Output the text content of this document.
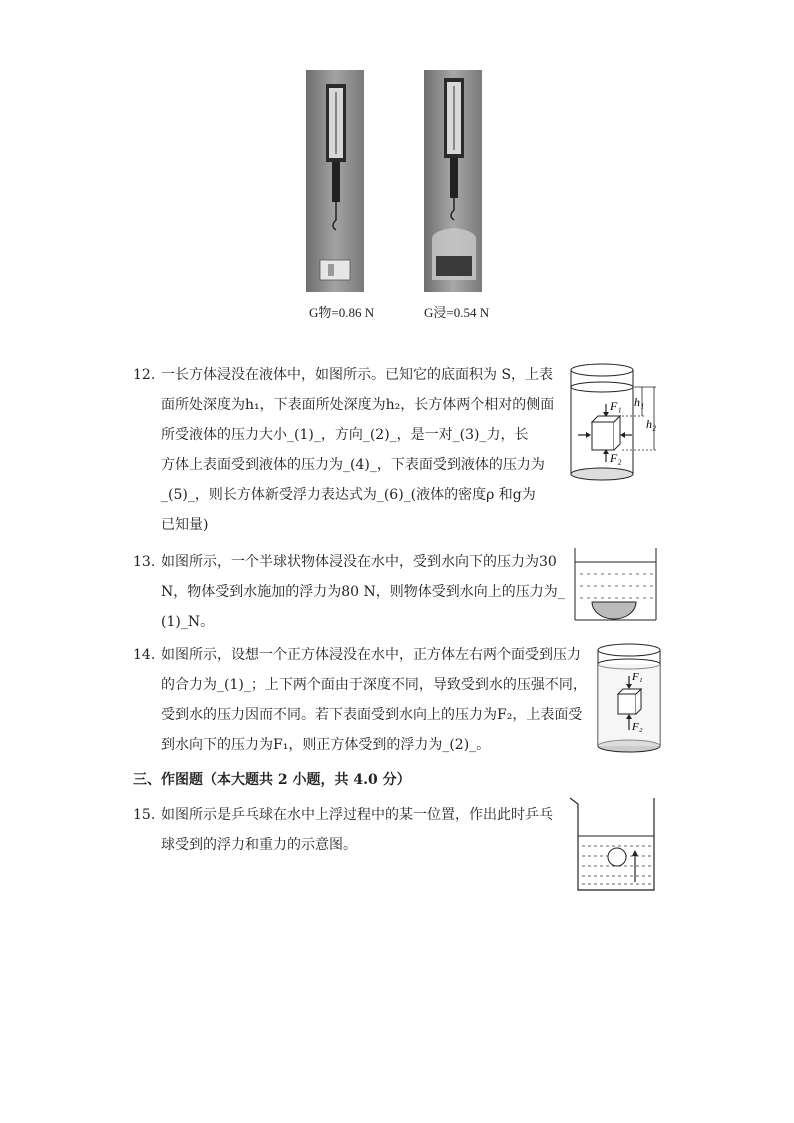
G物=0.86 N	G浸=0.54 N
12. 一长方体浸没在液体中，如图所示。已知它的底面积为 S，上表
面所处深度为h₁，下表面所处深度为h₂，长方体两个相对的侧面
所受液体的压力大小_(1)_，方向_(2)_，是一对_(3)_力，长
方体上表面受到液体的压力为_(4)_，下表面受到液体的压力为
_(5)_，则长方体新受浮力表达式为_(6)_(液体的密度ρ 和g为
已知量)
F₁
F₂
h₁
h₂
13. 如图所示，一个半球状物体浸没在水中，受到水向下的压力为30
N，物体受到水施加的浮力为80 N，则物体受到水向上的压力为_
(1)_N。
14. 如图所示，设想一个正方体浸没在水中，正方体左右两个面受到压力
的合力为_(1)_；上下两个面由于深度不同，导致受到水的压强不同，
受到水的压力因而不同。若下表面受到水向上的压力为F₂，上表面受
到水向下的压力为F₁，则正方体受到的浮力为_(2)_。
F₁
F₂
三、作图题（本大题共 2 小题，共 4.0 分）
15. 如图所示是乒乓球在水中上浮过程中的某一位置，作出此时乒乓
球受到的浮力和重力的示意图。
